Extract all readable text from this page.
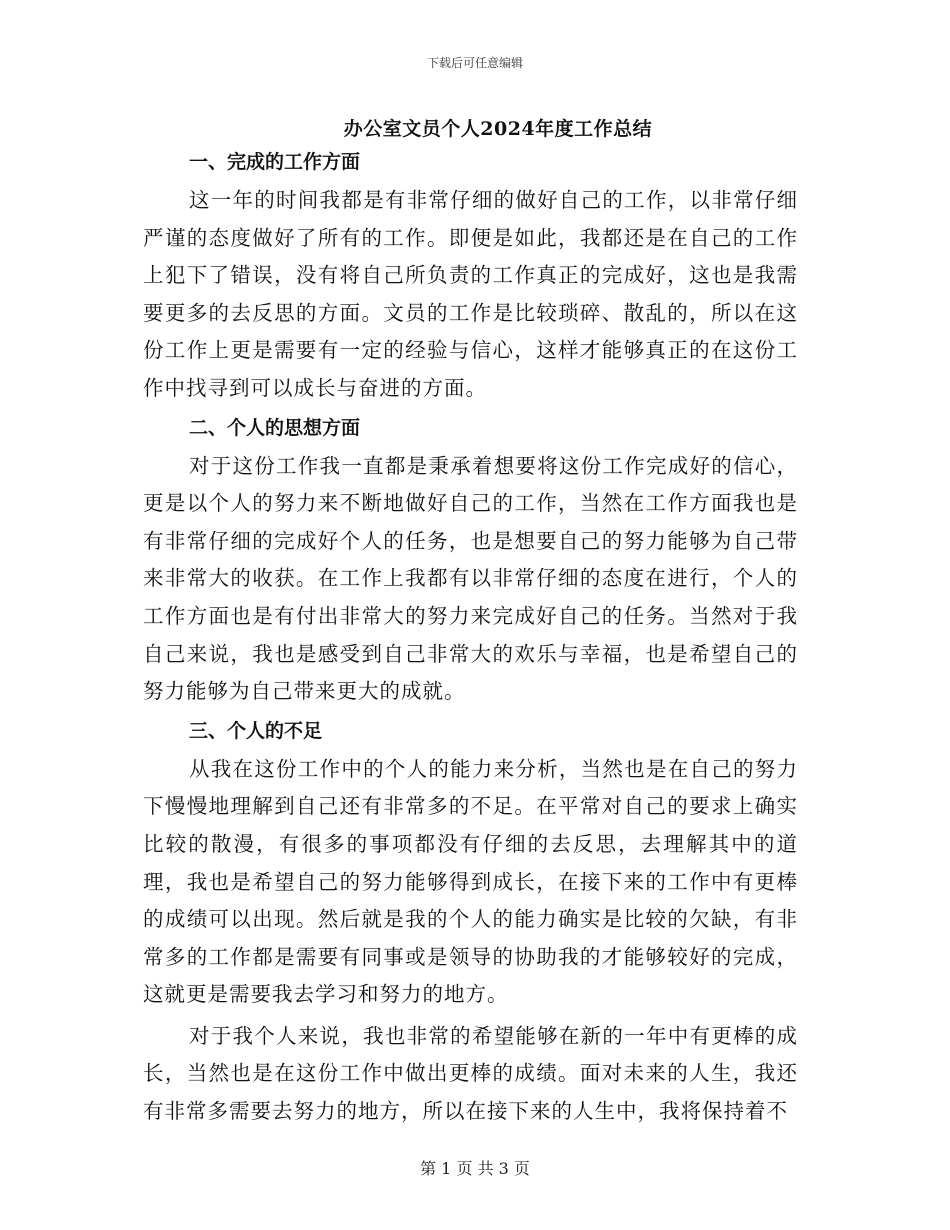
下载后可任意编辑
办公室文员个人2024年度工作总结
一、完成的工作方面

这一年的时间我都是有非常仔细的做好自己的工作，以非常仔细严谨的态度做好了所有的工作。即便是如此，我都还是在自己的工作上犯下了错误，没有将自己所负责的工作真正的完成好，这也是我需要更多的去反思的方面。文员的工作是比较琐碎、散乱的，所以在这份工作上更是需要有一定的经验与信心，这样才能够真正的在这份工作中找寻到可以成长与奋进的方面。

二、个人的思想方面

对于这份工作我一直都是秉承着想要将这份工作完成好的信心，更是以个人的努力来不断地做好自己的工作，当然在工作方面我也是有非常仔细的完成好个人的任务，也是想要自己的努力能够为自己带来非常大的收获。在工作上我都有以非常仔细的态度在进行，个人的工作方面也是有付出非常大的努力来完成好自己的任务。当然对于我自己来说，我也是感受到自己非常大的欢乐与幸福，也是希望自己的努力能够为自己带来更大的成就。

三、个人的不足

从我在这份工作中的个人的能力来分析，当然也是在自己的努力下慢慢地理解到自己还有非常多的不足。在平常对自己的要求上确实比较的散漫，有很多的事项都没有仔细的去反思，去理解其中的道理，我也是希望自己的努力能够得到成长，在接下来的工作中有更棒的成绩可以出现。然后就是我的个人的能力确实是比较的欠缺，有非常多的工作都是需要有同事或是领导的协助我的才能够较好的完成，这就更是需要我去学习和努力的地方。

对于我个人来说，我也非常的希望能够在新的一年中有更棒的成长，当然也是在这份工作中做出更棒的成绩。面对未来的人生，我还有非常多需要去努力的地方，所以在接下来的人生中，我将保持着不

第 1 页 共 3 页
